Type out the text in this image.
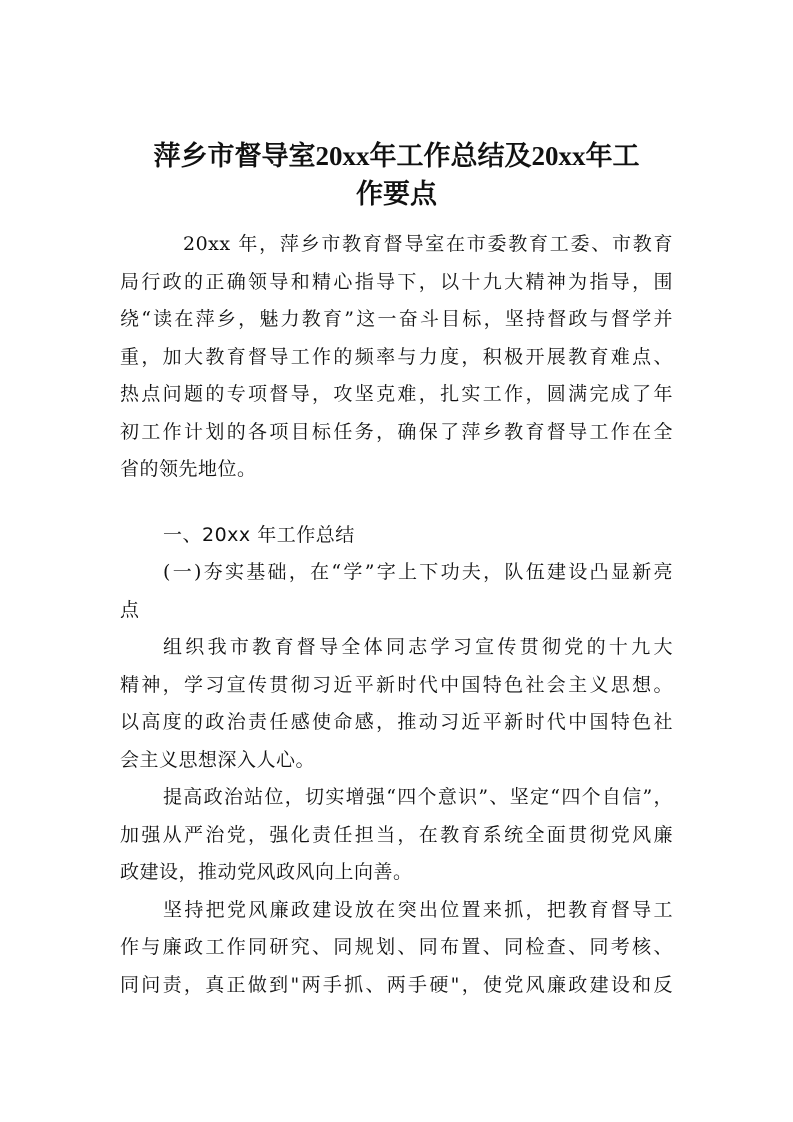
萍乡市督导室20xx年工作总结及20xx年工
作要点
20xx 年，萍乡市教育督导室在市委教育工委、市教育
局行政的正确领导和精心指导下，以十九大精神为指导，围
绕“读在萍乡，魅力教育”这一奋斗目标，坚持督政与督学并
重，加大教育督导工作的频率与力度，积极开展教育难点、
热点问题的专项督导，攻坚克难，扎实工作，圆满完成了年
初工作计划的各项目标任务，确保了萍乡教育督导工作在全
省的领先地位。
一、20xx 年工作总结
(一)夯实基础，在“学”字上下功夫，队伍建设凸显新亮
点
组织我市教育督导全体同志学习宣传贯彻党的十九大
精神，学习宣传贯彻习近平新时代中国特色社会主义思想。
以高度的政治责任感使命感，推动习近平新时代中国特色社
会主义思想深入人心。
提高政治站位，切实增强“四个意识”、坚定“四个自信”，
加强从严治党，强化责任担当，在教育系统全面贯彻党风廉
政建设，推动党风政风向上向善。
坚持把党风廉政建设放在突出位置来抓，把教育督导工
作与廉政工作同研究、同规划、同布置、同检查、同考核、
同问责，真正做到"两手抓、两手硬"，使党风廉政建设和反
